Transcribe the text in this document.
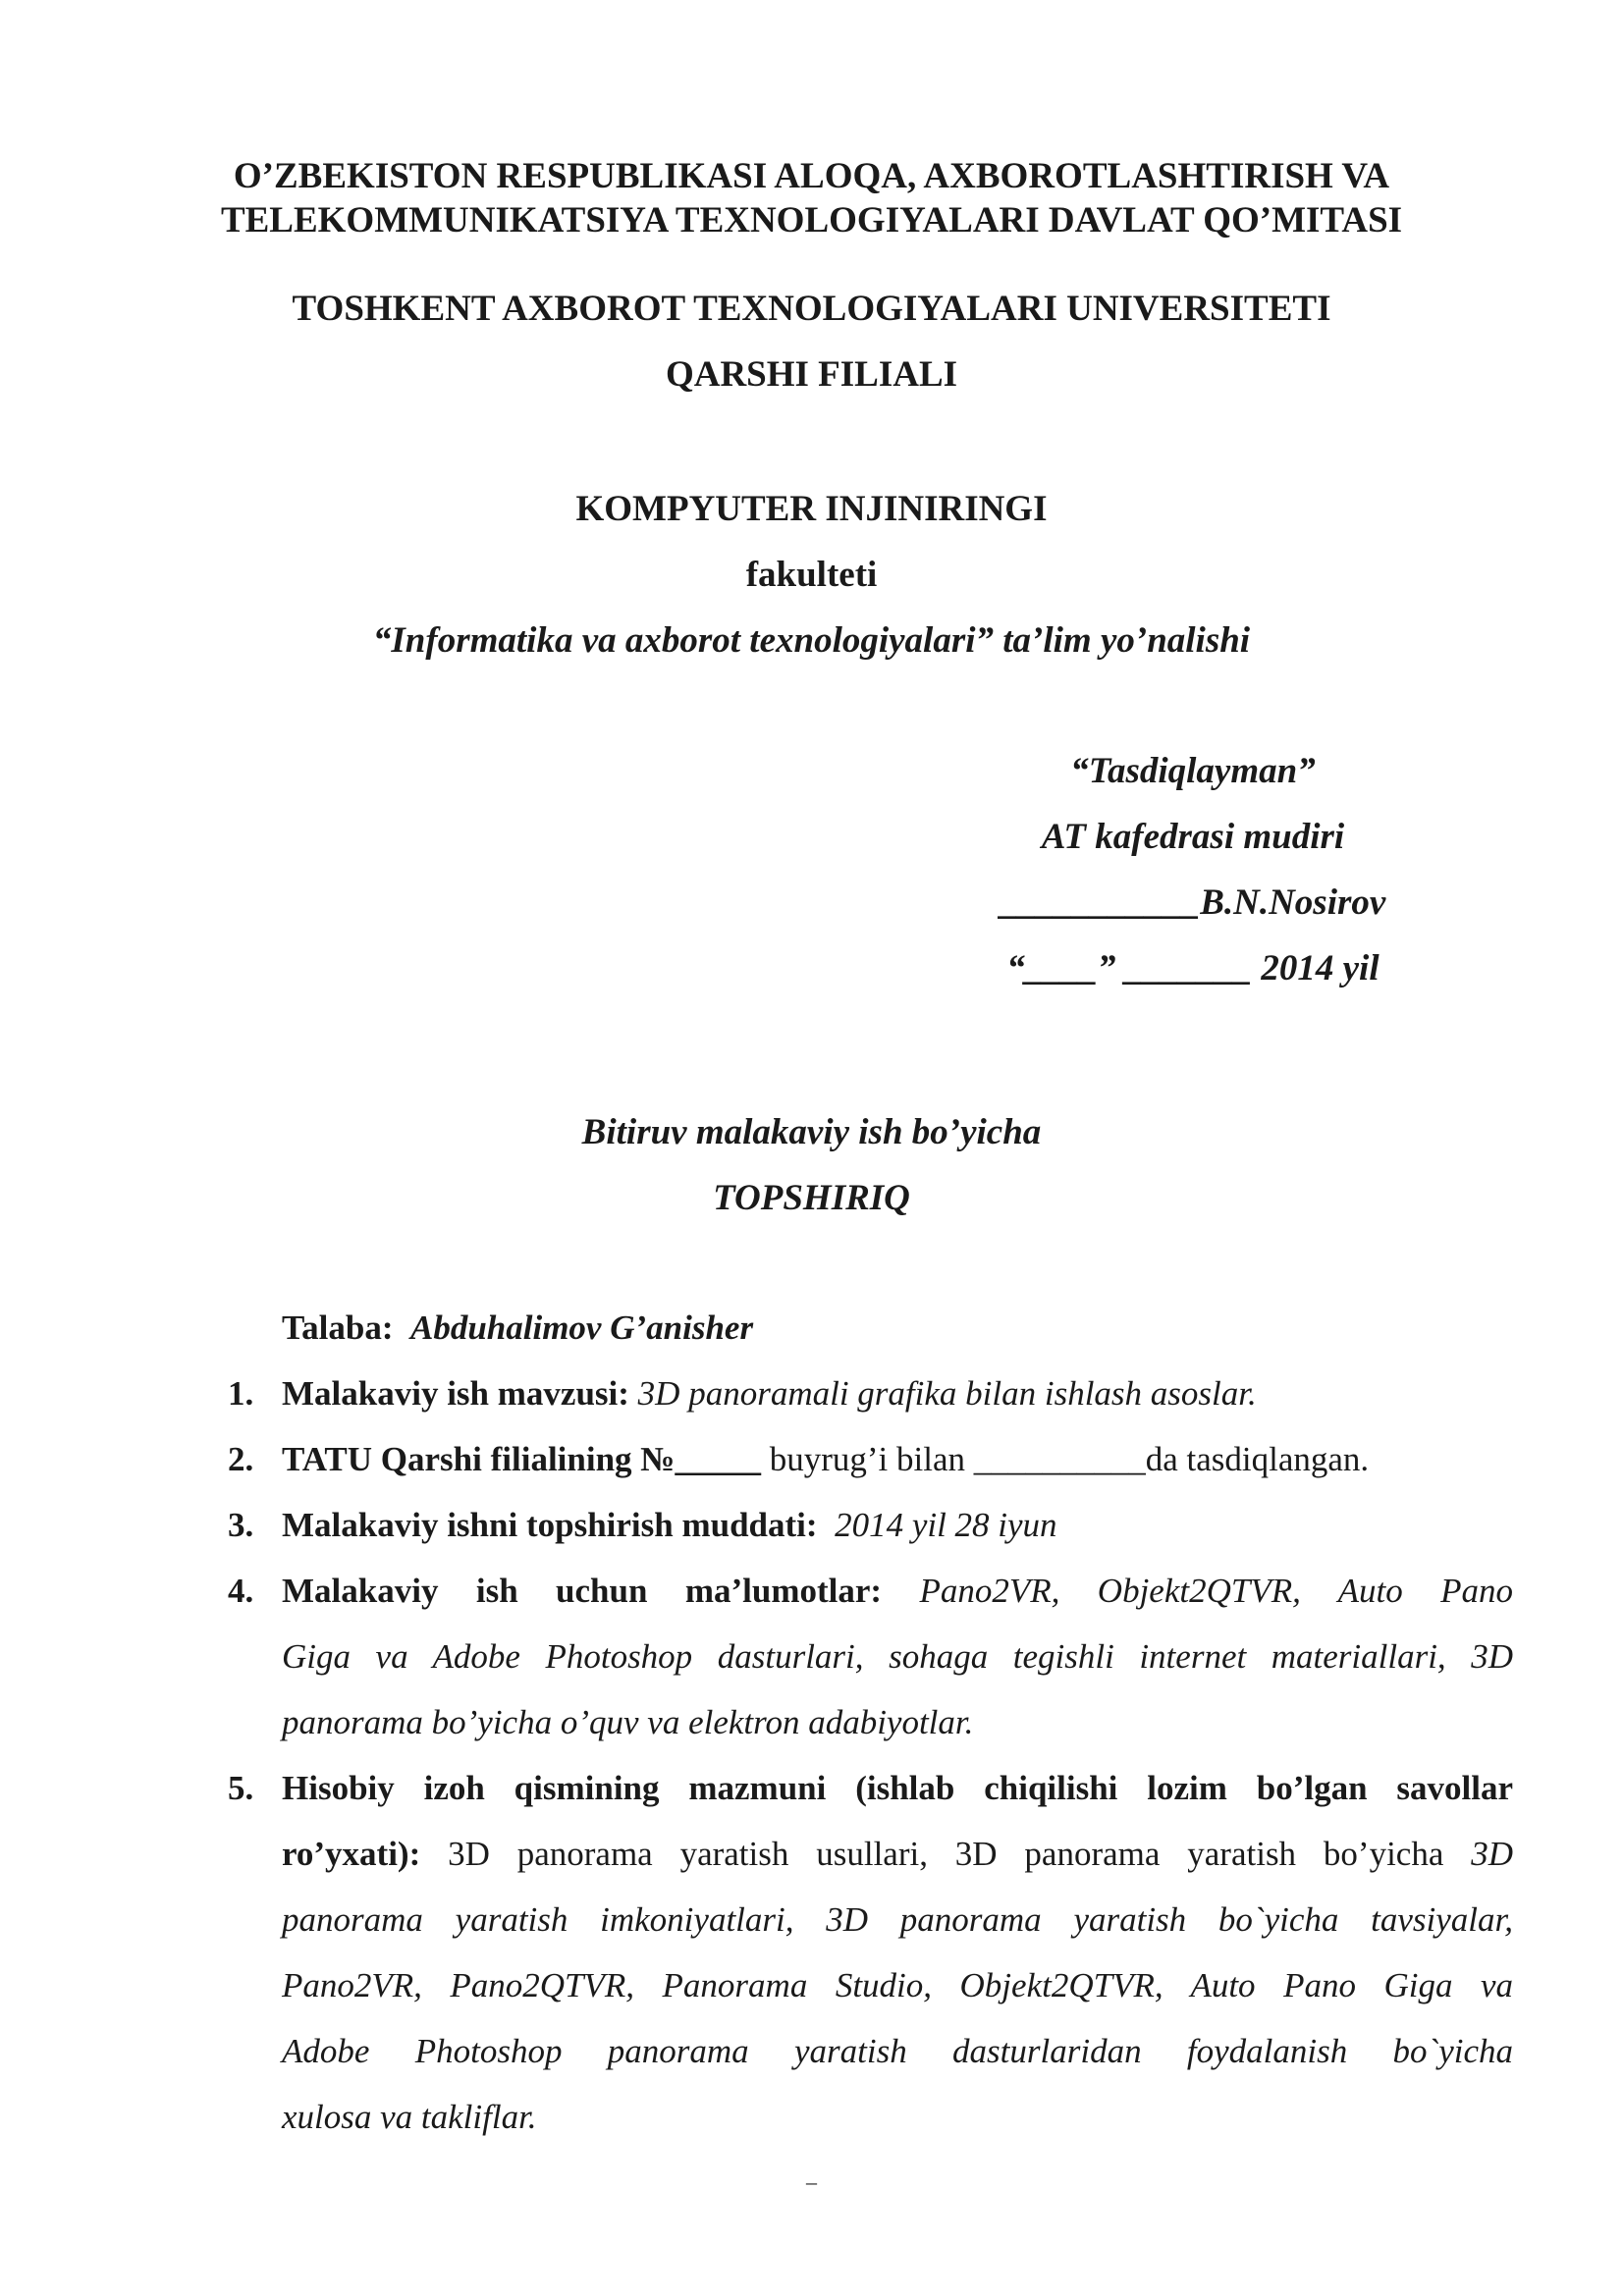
O’ZBEKISTON RESPUBLIKASI ALOQA, AXBOROTLASHTIRISH VA
TELEKOMMUNIKATSIYA TEXNOLOGIYALARI DAVLAT QO’MITASI
TOSHKENT AXBOROT TEXNOLOGIYALARI UNIVERSITETI
QARSHI FILIALI
KOMPYUTER INJINIRINGI
fakulteti
“Informatika va axborot texnologiyalari” ta’lim yo’nalishi
“Tasdiqlayman”
AT kafedrasi mudiri
___________B.N.Nosirov
“____” _______ 2014 yil
Bitiruv malakaviy ish bo’yicha
TOPSHIRIQ
Talaba: Abduhalimov G’anisher
1. Malakaviy ish mavzusi: 3D panoramali grafika bilan ishlash asoslar.
2. TATU Qarshi filialining №_____ buyrug’i bilan __________da tasdiqlangan.
3. Malakaviy ishni topshirish muddati: 2014 yil 28 iyun
4. Malakaviy ish uchun ma’lumotlar: Pano2VR, Objekt2QTVR, Auto Pano
Giga va Adobe Photoshop dasturlari, sohaga tegishli internet materiallari, 3D
panorama bo’yicha o’quv va elektron adabiyotlar.
5. Hisobiy izoh qismining mazmuni (ishlab chiqilishi lozim bo’lgan savollar
ro’yxati): 3D panorama yaratish usullari, 3D panorama yaratish bo’yicha 3D
panorama yaratish imkoniyatlari, 3D panorama yaratish bo`yicha tavsiyalar,
Pano2VR, Pano2QTVR, Panorama Studio, Objekt2QTVR, Auto Pano Giga va
Adobe Photoshop panorama yaratish dasturlaridan foydalanish bo`yicha
xulosa va takliflar.
–
